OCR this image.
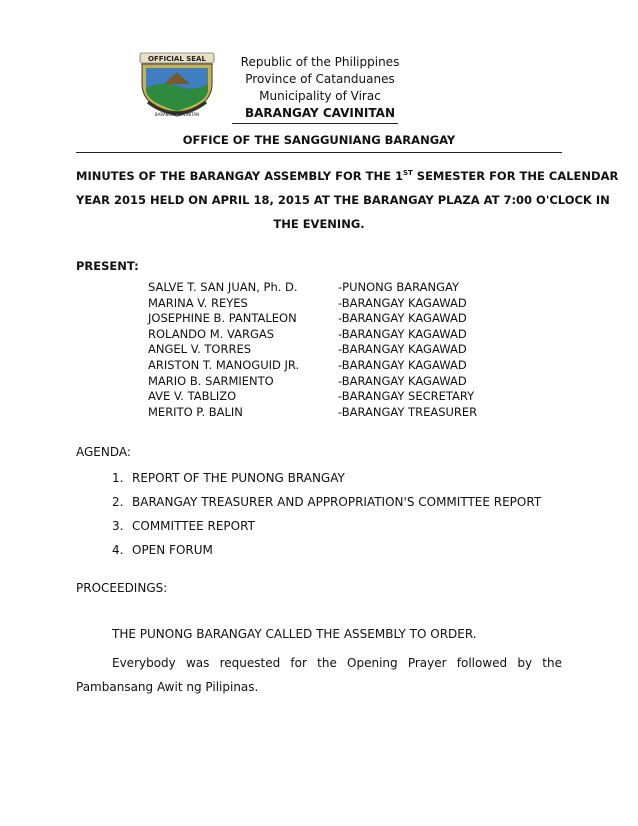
OFFICIAL SEAL
BARANGAY CAVINITAN
Republic of the Philippines
Province of Catanduanes
Municipality of Virac
BARANGAY CAVINITAN
OFFICE OF THE SANGGUNIANG BARANGAY
MINUTES OF THE BARANGAY ASSEMBLY FOR THE 1ST SEMESTER FOR THE CALENDAR
YEAR 2015 HELD ON APRIL 18, 2015 AT THE BARANGAY PLAZA AT 7:00 O'CLOCK IN
THE EVENING.
PRESENT:
SALVE T. SAN JUAN, Ph. D.	-PUNONG BARANGAY
MARINA V. REYES	-BARANGAY KAGAWAD
JOSEPHINE B. PANTALEON	-BARANGAY KAGAWAD
ROLANDO M. VARGAS	-BARANGAY KAGAWAD
ANGEL V. TORRES	-BARANGAY KAGAWAD
ARISTON T. MANOGUID JR.	-BARANGAY KAGAWAD
MARIO B. SARMIENTO	-BARANGAY KAGAWAD
AVE V. TABLIZO	-BARANGAY SECRETARY
MERITO P. BALIN	-BARANGAY TREASURER
AGENDA:
1. REPORT OF THE PUNONG BRANGAY
2. BARANGAY TREASURER AND APPROPRIATION'S COMMITTEE REPORT
3. COMMITTEE REPORT
4. OPEN FORUM
PROCEEDINGS:
THE PUNONG BARANGAY CALLED THE ASSEMBLY TO ORDER.
Everybody was requested for the Opening Prayer followed by the
Pambansang Awit ng Pilipinas.
